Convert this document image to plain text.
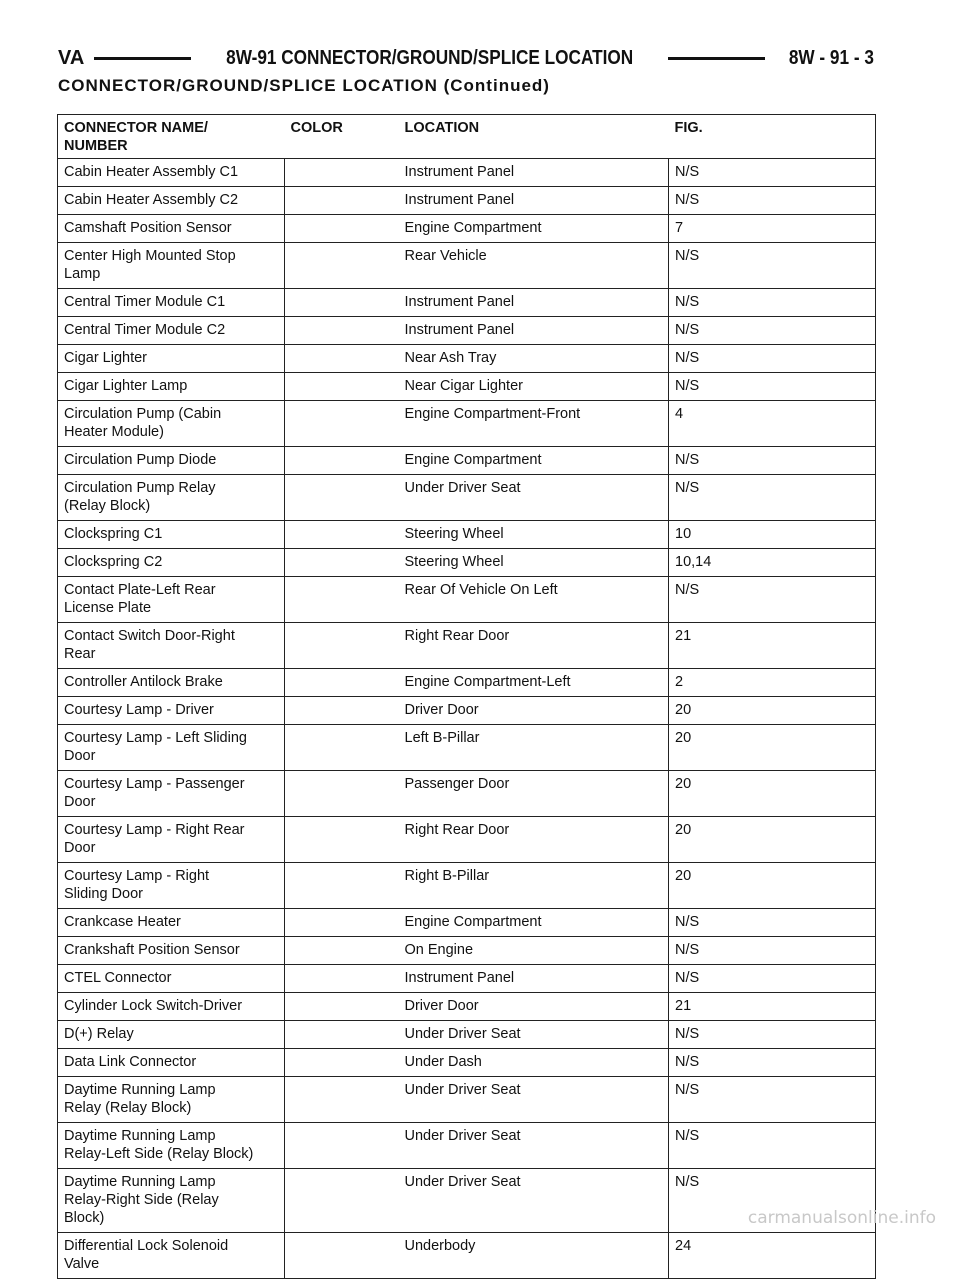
VA	8W-91 CONNECTOR/GROUND/SPLICE LOCATION	8W - 91 - 3
CONNECTOR/GROUND/SPLICE LOCATION (Continued)
CONNECTOR NAME/
NUMBER	COLOR	LOCATION	FIG.
Cabin Heater Assembly C1		Instrument Panel	N/S
Cabin Heater Assembly C2		Instrument Panel	N/S
Camshaft Position Sensor		Engine Compartment	7
Center High Mounted Stop
Lamp		Rear Vehicle	N/S
Central Timer Module C1		Instrument Panel	N/S
Central Timer Module C2		Instrument Panel	N/S
Cigar Lighter		Near Ash Tray	N/S
Cigar Lighter Lamp		Near Cigar Lighter	N/S
Circulation Pump (Cabin
Heater Module)		Engine Compartment-Front	4
Circulation Pump Diode		Engine Compartment	N/S
Circulation Pump Relay
(Relay Block)		Under Driver Seat	N/S
Clockspring C1		Steering Wheel	10
Clockspring C2		Steering Wheel	10,14
Contact Plate-Left Rear
License Plate		Rear Of Vehicle On Left	N/S
Contact Switch Door-Right
Rear		Right Rear Door	21
Controller Antilock Brake		Engine Compartment-Left	2
Courtesy Lamp - Driver		Driver Door	20
Courtesy Lamp - Left Sliding
Door		Left B-Pillar	20
Courtesy Lamp - Passenger
Door		Passenger Door	20
Courtesy Lamp - Right Rear
Door		Right Rear Door	20
Courtesy Lamp - Right
Sliding Door		Right B-Pillar	20
Crankcase Heater		Engine Compartment	N/S
Crankshaft Position Sensor		On Engine	N/S
CTEL Connector		Instrument Panel	N/S
Cylinder Lock Switch-Driver		Driver Door	21
D(+) Relay		Under Driver Seat	N/S
Data Link Connector		Under Dash	N/S
Daytime Running Lamp
Relay (Relay Block)		Under Driver Seat	N/S
Daytime Running Lamp
Relay-Left Side (Relay Block)		Under Driver Seat	N/S
Daytime Running Lamp
Relay-Right Side (Relay
Block)		Under Driver Seat	N/S
Differential Lock Solenoid
Valve		Underbody	24
carmanualsonline.info
